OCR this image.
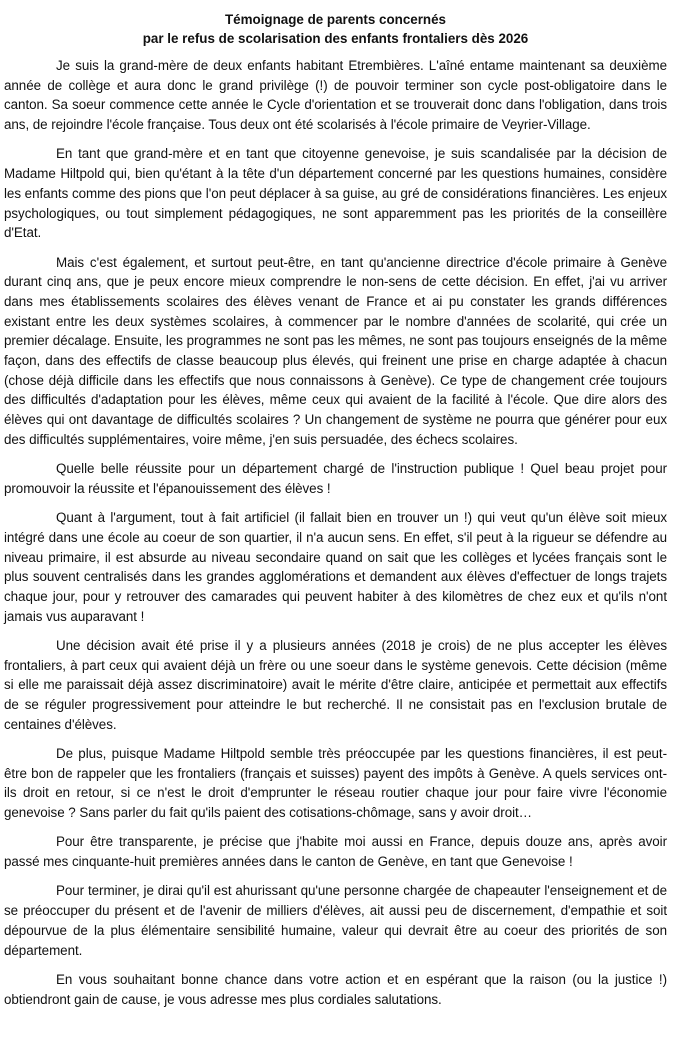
Témoignage de parents concernés
par le refus de scolarisation des enfants frontaliers dès 2026

Je suis la grand-mère de deux enfants habitant Etrembières. L'aîné entame maintenant sa deuxième année de collège et aura donc le grand privilège (!) de pouvoir terminer son cycle post-obligatoire dans le canton. Sa soeur commence cette année le Cycle d'orientation et se trouverait donc dans l'obligation, dans trois ans, de rejoindre l'école française. Tous deux ont été scolarisés à l'école primaire de Veyrier-Village.

En tant que grand-mère et en tant que citoyenne genevoise, je suis scandalisée par la décision de Madame Hiltpold qui, bien qu'étant à la tête d'un département concerné par les questions humaines, considère les enfants comme des pions que l'on peut déplacer à sa guise, au gré de considérations financières. Les enjeux psychologiques, ou tout simplement pédagogiques, ne sont apparemment pas les priorités de la conseillère d'Etat.

Mais c'est également, et surtout peut-être, en tant qu'ancienne directrice d'école primaire à Genève durant cinq ans, que je peux encore mieux comprendre le non-sens de cette décision. En effet, j'ai vu arriver dans mes établissements scolaires des élèves venant de France et ai pu constater les grands différences existant entre les deux systèmes scolaires, à commencer par le nombre d'années de scolarité, qui crée un premier décalage. Ensuite, les programmes ne sont pas les mêmes, ne sont pas toujours enseignés de la même façon, dans des effectifs de classe beaucoup plus élevés, qui freinent une prise en charge adaptée à chacun (chose déjà difficile dans les effectifs que nous connaissons à Genève). Ce type de changement crée toujours des difficultés d'adaptation pour les élèves, même ceux qui avaient de la facilité à l'école. Que dire alors des élèves qui ont davantage de difficultés scolaires ? Un changement de système ne pourra que générer pour eux des difficultés supplémentaires, voire même, j'en suis persuadée, des échecs scolaires.

Quelle belle réussite pour un département chargé de l'instruction publique ! Quel beau projet pour promouvoir la réussite et l'épanouissement des élèves !

Quant à l'argument, tout à fait artificiel (il fallait bien en trouver un !) qui veut qu'un élève soit mieux intégré dans une école au coeur de son quartier, il n'a aucun sens. En effet, s'il peut à la rigueur se défendre au niveau primaire, il est absurde au niveau secondaire quand on sait que les collèges et lycées français sont le plus souvent centralisés dans les grandes agglomérations et demandent aux élèves d'effectuer de longs trajets chaque jour, pour y retrouver des camarades qui peuvent habiter à des kilomètres de chez eux et qu'ils n'ont jamais vus auparavant !

Une décision avait été prise il y a plusieurs années (2018 je crois) de ne plus accepter les élèves frontaliers, à part ceux qui avaient déjà un frère ou une soeur dans le système genevois. Cette décision (même si elle me paraissait déjà assez discriminatoire) avait le mérite d'être claire, anticipée et permettait aux effectifs de se réguler progressivement pour atteindre le but recherché. Il ne consistait pas en l'exclusion brutale de centaines d'élèves.

De plus, puisque Madame Hiltpold semble très préoccupée par les questions financières, il est peut-être bon de rappeler que les frontaliers (français et suisses) payent des impôts à Genève. A quels services ont-ils droit en retour, si ce n'est le droit d'emprunter le réseau routier chaque jour pour faire vivre l'économie genevoise ? Sans parler du fait qu'ils paient des cotisations-chômage, sans y avoir droit…

Pour être transparente, je précise que j'habite moi aussi en France, depuis douze ans, après avoir passé mes cinquante-huit premières années dans le canton de Genève, en tant que Genevoise !

Pour terminer, je dirai qu'il est ahurissant qu'une personne chargée de chapeauter l'enseignement et de se préoccuper du présent et de l'avenir de milliers d'élèves, ait aussi peu de discernement, d'empathie et soit dépourvue de la plus élémentaire sensibilité humaine, valeur qui devrait être au coeur des priorités de son département.

En vous souhaitant bonne chance dans votre action et en espérant que la raison (ou la justice !) obtiendront gain de cause, je vous adresse mes plus cordiales salutations.
